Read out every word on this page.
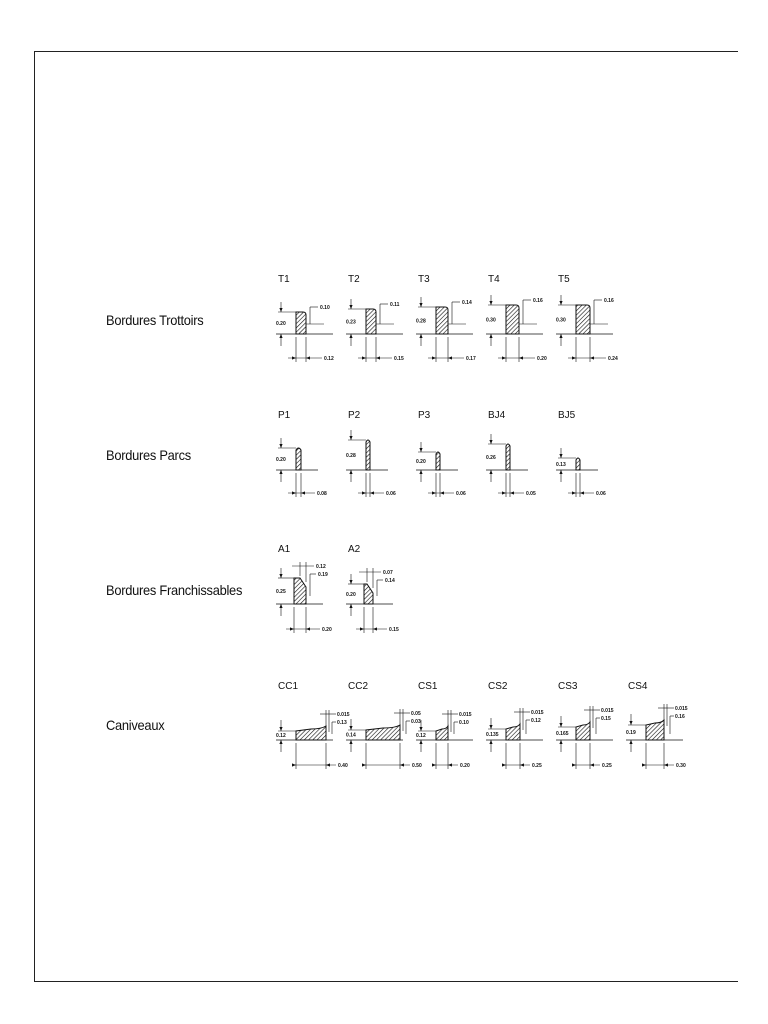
Bordures Trottoirs
Bordures Parcs
Bordures Franchissables
Caniveaux
T1
0.20
0.10
0.12
T2
0.23
0.11
0.15
T3
0.28
0.14
0.17
T4
0.30
0.16
0.20
T5
0.30
0.16
0.24
P1
0.20
0.08
P2
0.28
0.06
P3
0.20
0.06
BJ4
0.26
0.05
BJ5
0.13
0.06
A1
0.12
0.19
0.25
0.20
A2
0.07
0.14
0.20
0.15
CC1
0.015
0.13
0.12
0.40
CC2
0.05
0.03
0.14
0.50
CS1
0.015
0.10
0.12
0.20
CS2
0.015
0.12
0.135
0.25
CS3
0.015
0.15
0.165
0.25
CS4
0.015
0.16
0.19
0.30
